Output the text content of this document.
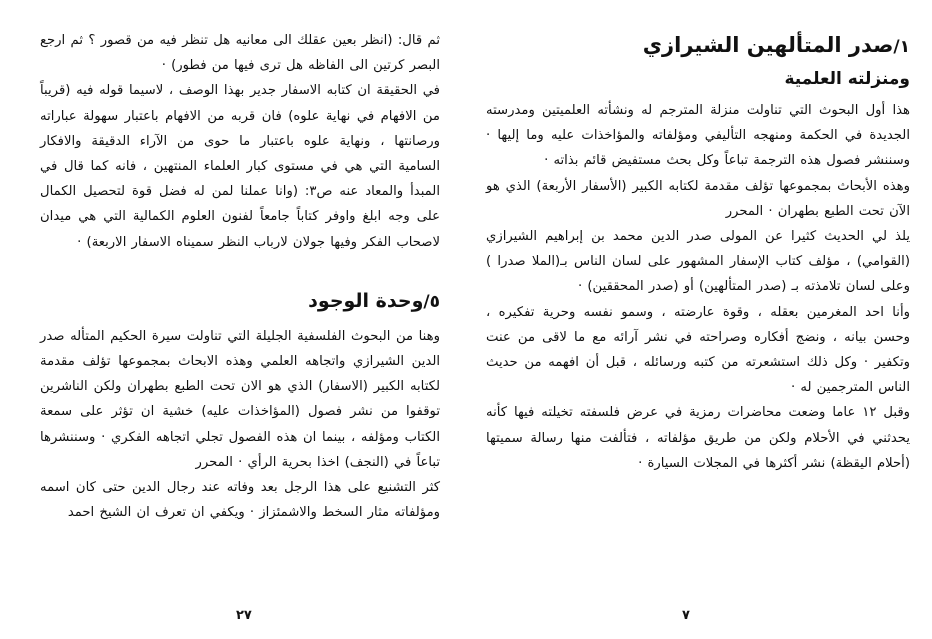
ثم قال: (انظر بعين عقلك الى معانيه هل تنظر فيه من قصور ؟ ثم ارجع البصر كرتين الى الفاظه هل ترى فيها من فطور) ·

في الحقيقة ان كتابه الاسفار جدير بهذا الوصف ، لاسيما قوله فيه (قريباً من الافهام في نهاية علوه) فان قربه من الافهام باعتبار سهولة عباراته ورصانتها ، ونهاية علوه باعتبار ما حوى من الآراء الدقيقة والافكار السامية التي هي في مستوى كبار العلماء المنتهين ، فانه كما قال في المبدأ والمعاد عنه ص٣: (وانا عملنا لمن له فضل قوة لتحصيل الكمال على وجه ابلغ واوفر كتاباً جامعاً لفنون العلوم الكمالية التي هي ميدان لاصحاب الفكر وفيها جولان لارباب النظر سميناه الاسفار الاربعة) ·

٥/وحدة الوجود

وهنا من البحوث الفلسفية الجليلة التي تناولت سيرة الحكيم المتأله صدر الدين الشيرازي واتجاهه العلمي وهذه الابحاث بمجموعها تؤلف مقدمة لكتابه الكبير (الاسفار) الذي هو الان تحت الطبع بطهران ولكن الناشرين توقفوا من نشر فصول (المؤاخذات عليه) خشية ان تؤثر على سمعة الكتاب ومؤلفه ، بينما ان هذه الفصول تجلي اتجاهه الفكري · وسننشرها تباعاً في (النجف) اخذا بحرية الرأي · المحرر

كثر التشنيع على هذا الرجل بعد وفاته عند رجال الدين حتى كان اسمه ومؤلفاته مثار السخط والاشمئزاز · ويكفي ان تعرف ان الشيخ احمد

٢٧
١/صدر المتألهين الشيرازي
ومنزلته العلمية

هذا أول البحوث التي تناولت منزلة المترجم له ونشأته العلميتين ومدرسته الجديدة في الحكمة ومنهجه التأليفي ومؤلفاته والمؤاخذات عليه وما إليها · وسننشر فصول هذه الترجمة تباعاً وكل بحث مستفيض قائم بذاته ·

وهذه الأبحاث بمجموعها تؤلف مقدمة لكتابه الكبير (الأسفار الأربعة) الذي هو الآن تحت الطبع بطهران · المحرر

يلذ لي الحديث كثيرا عن المولى صدر الدين محمد بن إبراهيم الشيرازي (القوامي) ، مؤلف كتاب الإسفار المشهور على لسان الناس بـ(الملا صدرا ) وعلى لسان تلامذته بـ (صدر المتألهين) أو (صدر المحققين) ·

وأنا احد المغرمين بعقله ، وقوة عارضته ، وسمو نفسه وحرية تفكيره ، وحسن بيانه ، ونضج أفكاره وصراحته في نشر آرائه مع ما لاقى من عنت وتكفير · وكل ذلك استشعرته من كتبه ورسائله ، قبل أن افهمه من حديث الناس المترجمين له ·

وقبل ١٢ عاما وضعت محاضرات رمزية في عرض فلسفته تخيلته فيها كأنه يحدثني في الأحلام ولكن من طريق مؤلفاته ، فتألفت منها رسالة سميتها (أحلام اليقظة) نشر أكثرها في المجلات السيارة ·

٧
